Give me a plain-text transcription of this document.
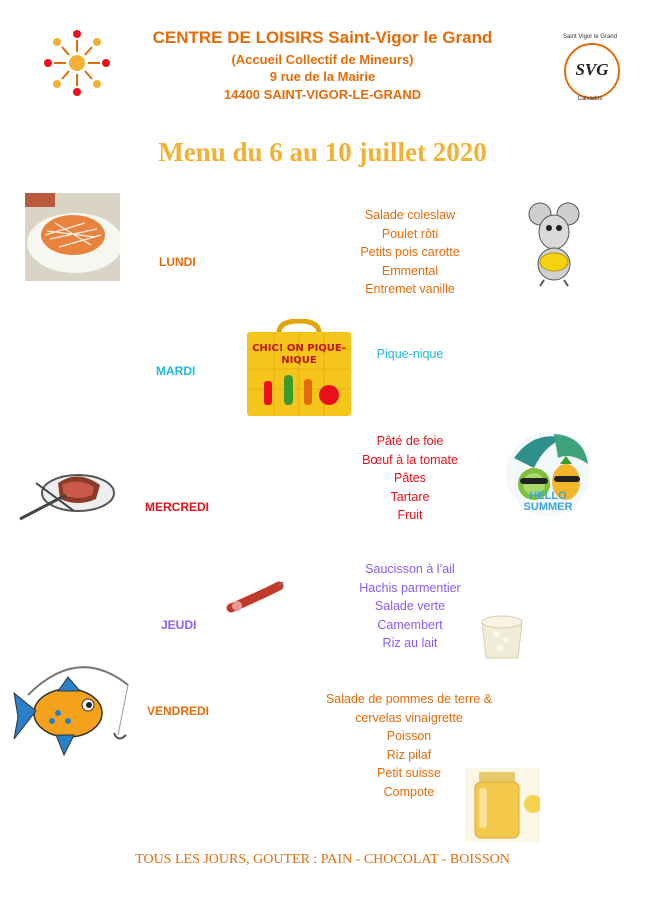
CENTRE DE LOISIRS Saint-Vigor le Grand
(Accueil Collectif de Mineurs)
9 rue de la Mairie
14400 SAINT-VIGOR-LE-GRAND
SVG
Saint Vigor le Grand
Calvados
Menu du 6 au 10 juillet 2020
LUNDI
Salade coleslaw
Poulet rôti
Petits pois carotte
Emmental
Entremet vanille
CHIC! ON PIQUE-NIQUE
MARDI
Pique-nique
MERCREDI
Pâté de foie
Bœuf à la tomate
Pâtes
Tartare
Fruit
HELLO SUMMER
JEUDI
Saucisson à l’ail
Hachis parmentier
Salade verte
Camembert
Riz au lait
VENDREDI
Salade de pommes de terre &
cervelas vinaigrette
Poisson
Riz pilaf
Petit suisse
Compote
TOUS LES JOURS, GOUTER : PAIN - CHOCOLAT - BOISSON
